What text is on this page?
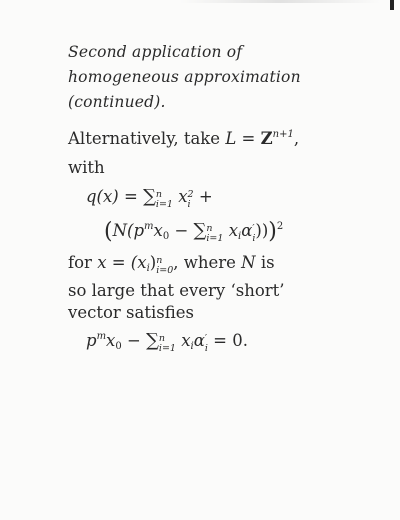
Second application of
homogeneous approximation
(continued).
Alternatively, take $L = Z^{n+1}$,
with
q(x) = ∑ n
i=1 x 2
i +
($N(p^mx_0$ − ∑ n
i=1 $x_i\alpha$ ′
i )))$^2$
for $x = (x_i)$ n
i=0 , where N is
so large that every ‘short’
vector satisfies
$p^mx_0$ − ∑ n
i=1 $x_i\alpha$ ′
i = 0.
